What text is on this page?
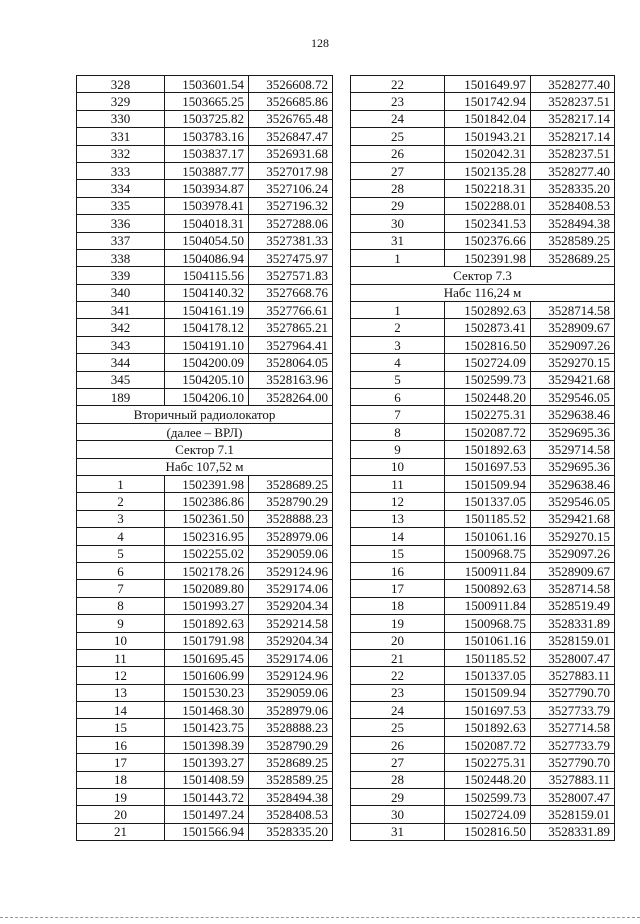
128
328	1503601.54	3526608.72
329	1503665.25	3526685.86
330	1503725.82	3526765.48
331	1503783.16	3526847.47
332	1503837.17	3526931.68
333	1503887.77	3527017.98
334	1503934.87	3527106.24
335	1503978.41	3527196.32
336	1504018.31	3527288.06
337	1504054.50	3527381.33
338	1504086.94	3527475.97
339	1504115.56	3527571.83
340	1504140.32	3527668.76
341	1504161.19	3527766.61
342	1504178.12	3527865.21
343	1504191.10	3527964.41
344	1504200.09	3528064.05
345	1504205.10	3528163.96
189	1504206.10	3528264.00
Вторичный радиолокатор		
(далее – ВРЛ)		
Сектор 7.1		
Набс 107,52 м		
1	1502391.98	3528689.25
2	1502386.86	3528790.29
3	1502361.50	3528888.23
4	1502316.95	3528979.06
5	1502255.02	3529059.06
6	1502178.26	3529124.96
7	1502089.80	3529174.06
8	1501993.27	3529204.34
9	1501892.63	3529214.58
10	1501791.98	3529204.34
11	1501695.45	3529174.06
12	1501606.99	3529124.96
13	1501530.23	3529059.06
14	1501468.30	3528979.06
15	1501423.75	3528888.23
16	1501398.39	3528790.29
17	1501393.27	3528689.25
18	1501408.59	3528589.25
19	1501443.72	3528494.38
20	1501497.24	3528408.53
21	1501566.94	3528335.20
22	1501649.97	3528277.40
23	1501742.94	3528237.51
24	1501842.04	3528217.14
25	1501943.21	3528217.14
26	1502042.31	3528237.51
27	1502135.28	3528277.40
28	1502218.31	3528335.20
29	1502288.01	3528408.53
30	1502341.53	3528494.38
31	1502376.66	3528589.25
1	1502391.98	3528689.25
Сектор 7.3		
Набс 116,24 м		
1	1502892.63	3528714.58
2	1502873.41	3528909.67
3	1502816.50	3529097.26
4	1502724.09	3529270.15
5	1502599.73	3529421.68
6	1502448.20	3529546.05
7	1502275.31	3529638.46
8	1502087.72	3529695.36
9	1501892.63	3529714.58
10	1501697.53	3529695.36
11	1501509.94	3529638.46
12	1501337.05	3529546.05
13	1501185.52	3529421.68
14	1501061.16	3529270.15
15	1500968.75	3529097.26
16	1500911.84	3528909.67
17	1500892.63	3528714.58
18	1500911.84	3528519.49
19	1500968.75	3528331.89
20	1501061.16	3528159.01
21	1501185.52	3528007.47
22	1501337.05	3527883.11
23	1501509.94	3527790.70
24	1501697.53	3527733.79
25	1501892.63	3527714.58
26	1502087.72	3527733.79
27	1502275.31	3527790.70
28	1502448.20	3527883.11
29	1502599.73	3528007.47
30	1502724.09	3528159.01
31	1502816.50	3528331.89
